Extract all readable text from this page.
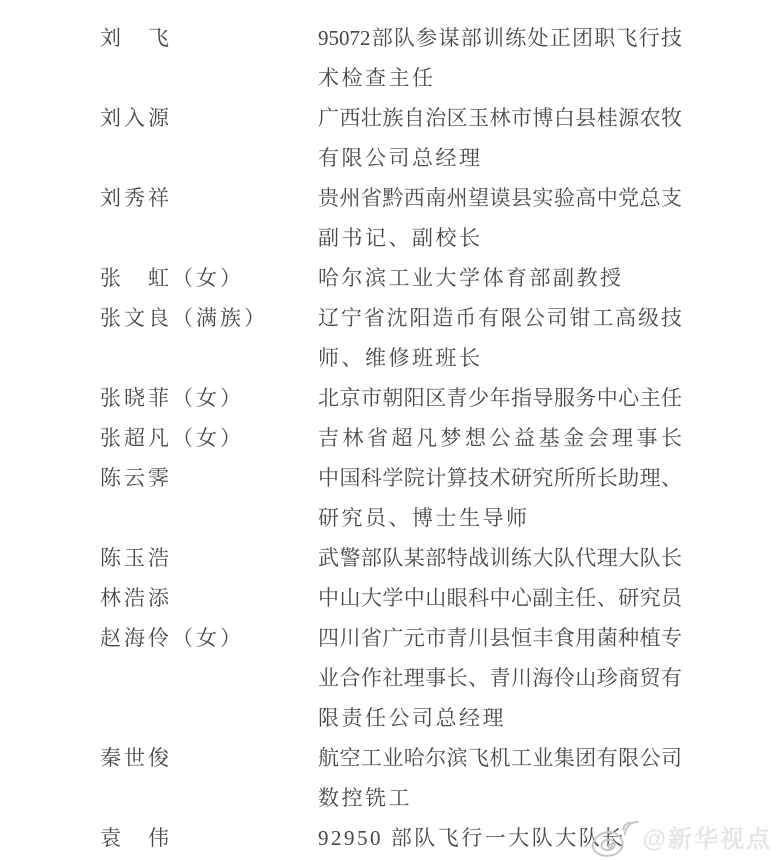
刘　飞	95072 部 队 参 谋 部 训 练 处 正 团 职 飞 行 技
术检查主任
刘入源	广 西 壮 族 自 治 区 玉 林 市 博 白 县 桂 源 农 牧
有限公司总经理
刘秀祥	贵 州 省 黔 西 南 州 望 谟 县 实 验 高 中 党 总 支
副书记、副校长
张　虹（女）	哈尔滨工业大学体育部副教授
张文良（满族）	辽 宁 省 沈 阳 造 币 有 限 公 司 钳 工 高 级 技
师、维修班班长
张晓菲（女）	北 京 市 朝 阳 区 青 少 年 指 导 服 务 中 心 主 任
张超凡（女）	吉 林 省 超 凡 梦 想 公 益 基 金 会 理 事 长
陈云霁	中 国 科 学 院 计 算 技 术 研 究 所 所 长 助 理 、
研究员、博士生导师
陈玉浩	武 警 部 队 某 部 特 战 训 练 大 队 代 理 大 队 长
林浩添	中 山 大 学 中 山 眼 科 中 心 副 主 任 、 研 究 员
赵海伶（女）	四 川 省 广 元 市 青 川 县 恒 丰 食 用 菌 种 植 专
业 合 作 社 理 事 长 、 青 川 海 伶 山 珍 商 贸 有
限责任公司总经理
秦世俊	航 空 工 业 哈 尔 滨 飞 机 工 业 集 团 有 限 公 司
数控铣工
袁　伟	92950 部队飞行一大队大队长 @新华视点
